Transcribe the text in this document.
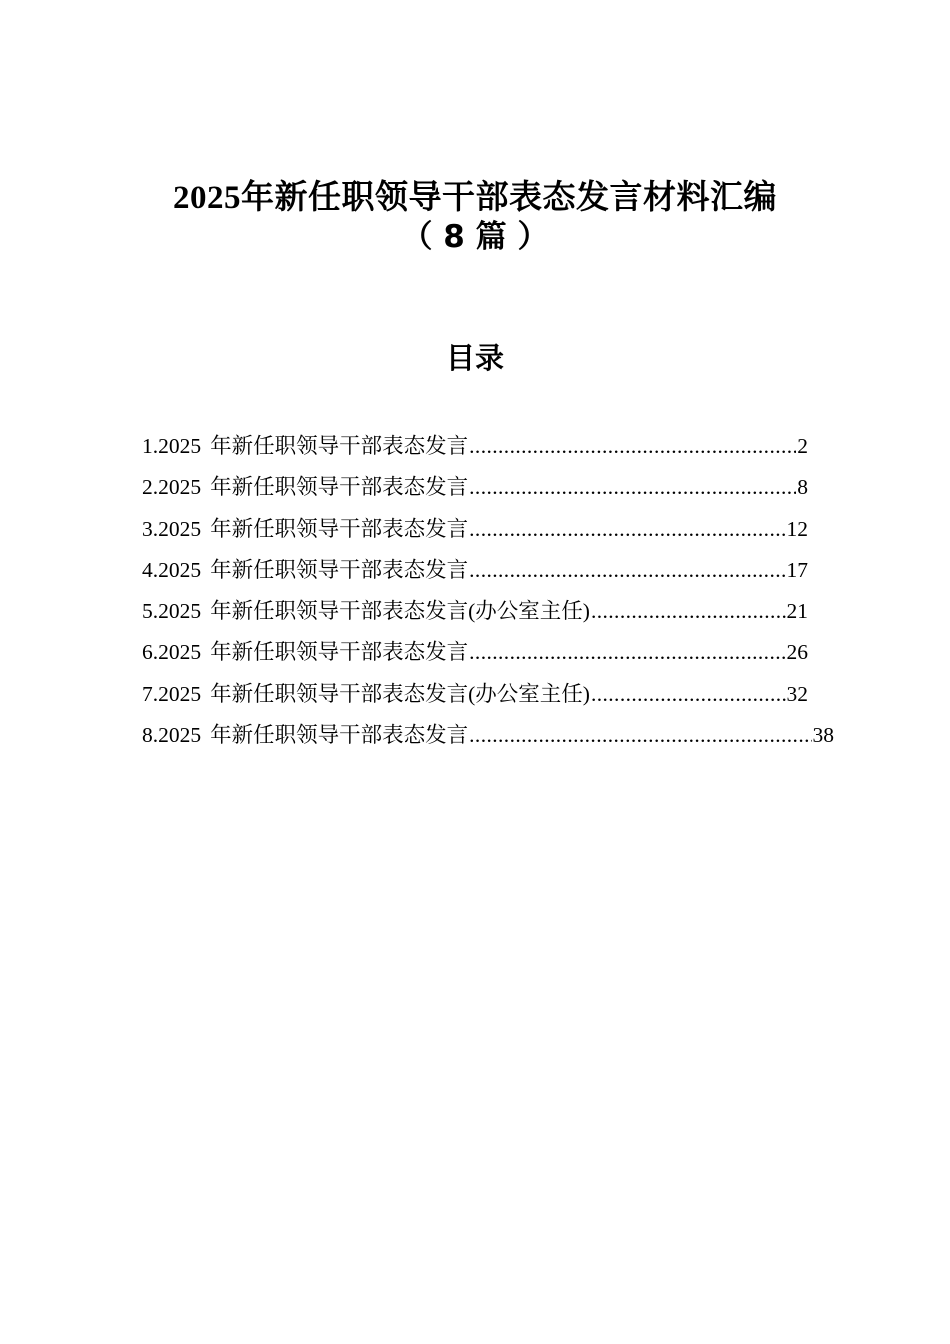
2025年新任职领导干部表态发言材料汇编
（ 8 篇 ）
目录
1.2025 年新任职领导干部表态发言 .....	2
2.2025 年新任职领导干部表态发言 .....	8
3.2025 年新任职领导干部表态发言 .....	12
4.2025 年新任职领导干部表态发言 .....	17
5.2025 年新任职领导干部表态发言(办公室主任) .....	21
6.2025 年新任职领导干部表态发言 .....	26
7.2025 年新任职领导干部表态发言(办公室主任) .....	32
8.2025 年新任职领导干部表态发言 .....	38
